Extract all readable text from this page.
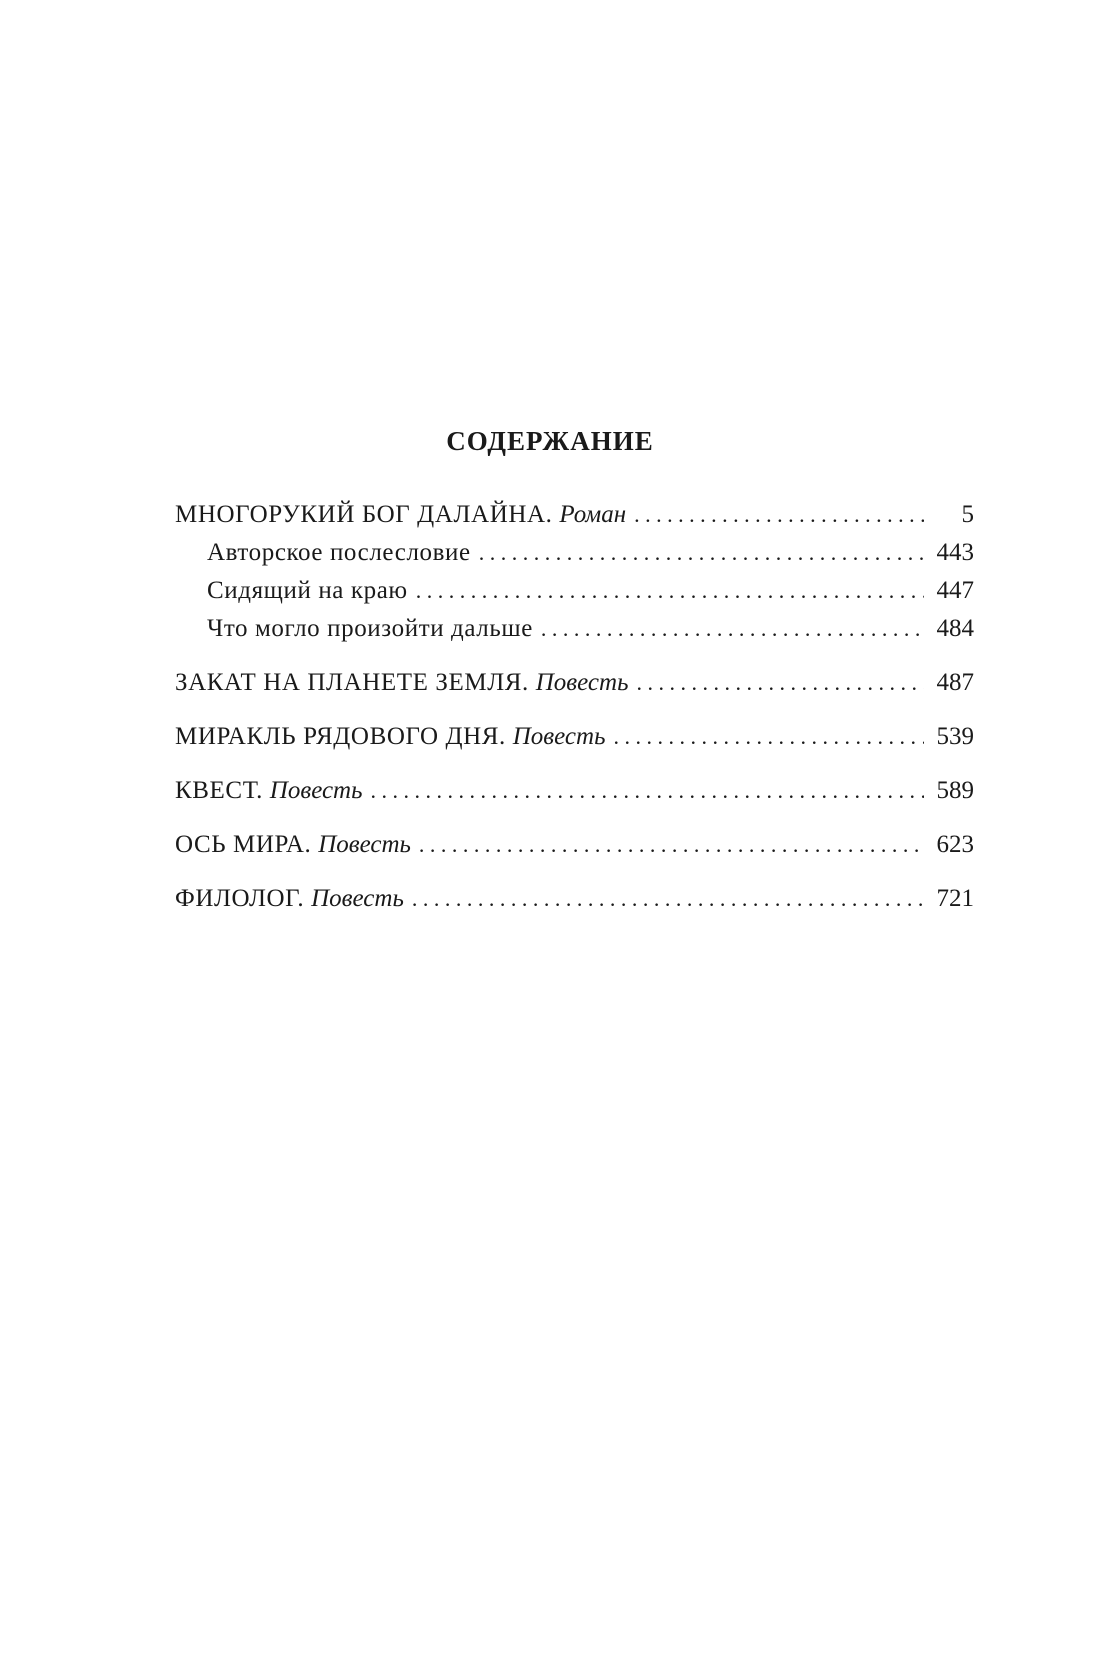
СОДЕРЖАНИЕ
МНОГОРУКИЙ БОГ ДАЛАЙНА. Роман . . .	5
Авторское послесловие . . .	443
Сидящий на краю . . .	447
Что могло произойти дальше . . .	484
ЗАКАТ НА ПЛАНЕТЕ ЗЕМЛЯ. Повесть . . .	487
МИРАКЛЬ РЯДОВОГО ДНЯ. Повесть . . .	539
КВЕСТ. Повесть . . .	589
ОСЬ МИРА. Повесть . . .	623
ФИЛОЛОГ. Повесть . . .	721
